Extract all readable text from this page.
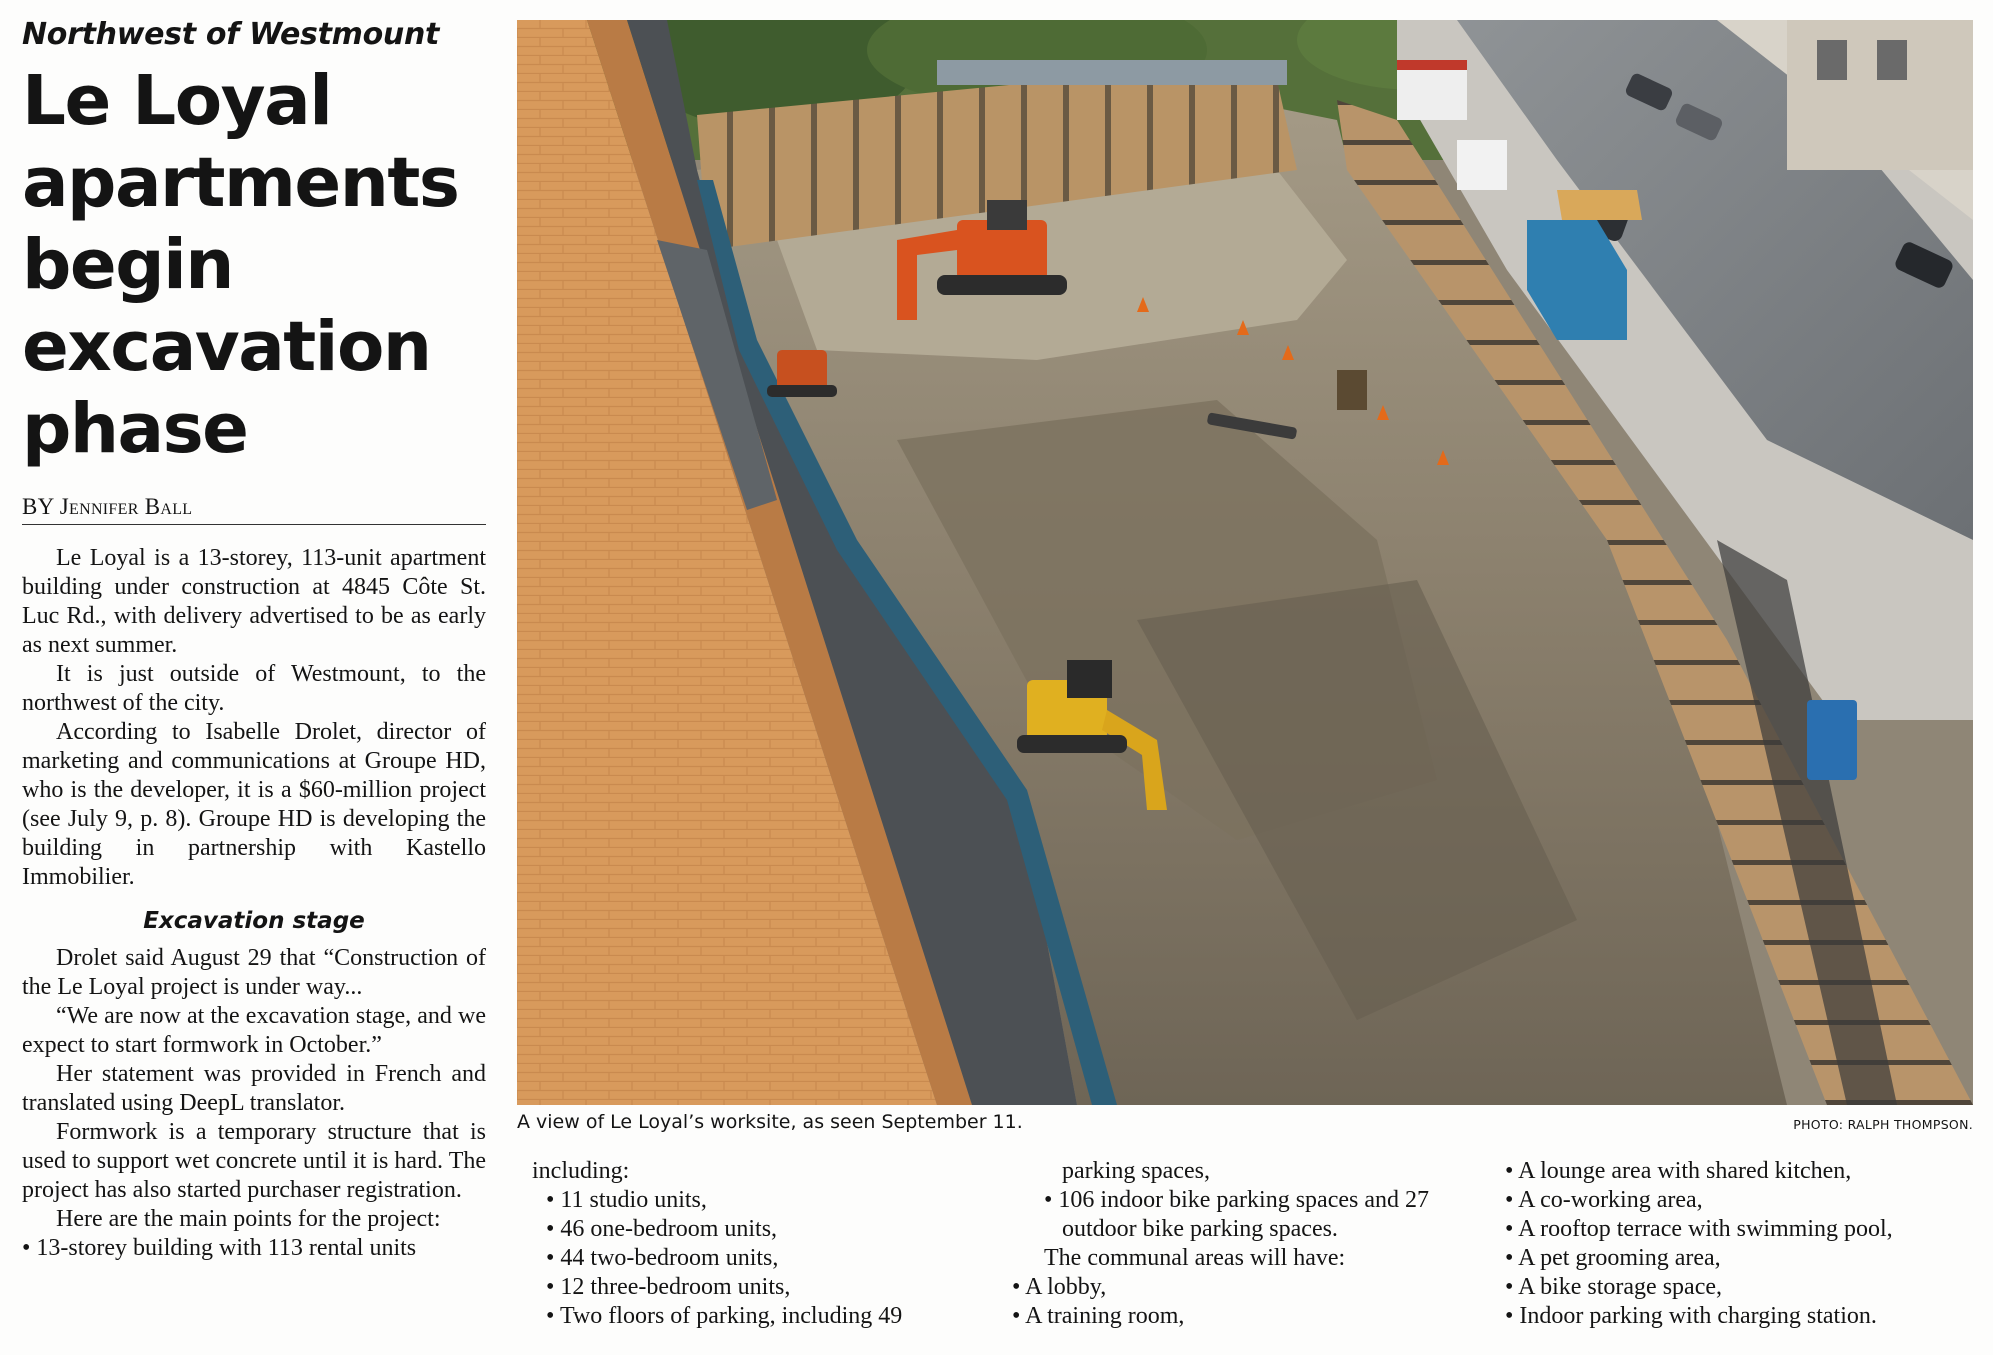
Northwest of Westmount
Le Loyal
apartments
begin
excavation
phase
BY Jennifer Ball

Le Loyal is a 13-storey, 113-unit apartment building under construction at 4845 Côte St. Luc Rd., with delivery advertised to be as early as next summer.

It is just outside of Westmount, to the northwest of the city.

According to Isabelle Drolet, director of marketing and communications at Groupe HD, who is the developer, it is a $60-million project (see July 9, p. 8). Groupe HD is developing the building in partnership with Kastello Immobilier.

Excavation stage

Drolet said August 29 that “Construction of the Le Loyal project is under way...

“We are now at the excavation stage, and we expect to start formwork in October.”

Her statement was provided in French and translated using DeepL translator.

Formwork is a temporary structure that is used to support wet concrete until it is hard. The project has also started purchaser registration.

Here are the main points for the project:

• 13-storey building with 113 rental units

A view of Le Loyal’s worksite, as seen September 11.	PHOTO: RALPH THOMPSON.

including:

• 11 studio units,

• 46 one-bedroom units,

• 44 two-bedroom units,

• 12 three-bedroom units,

• Two floors of parking, including 49

parking spaces,

• 106 indoor bike parking spaces and 27

outdoor bike parking spaces.

The communal areas will have:

• A lobby,

• A training room,

• A lounge area with shared kitchen,

• A co-working area,

• A rooftop terrace with swimming pool,

• A pet grooming area,

• A bike storage space,

• Indoor parking with charging station.
